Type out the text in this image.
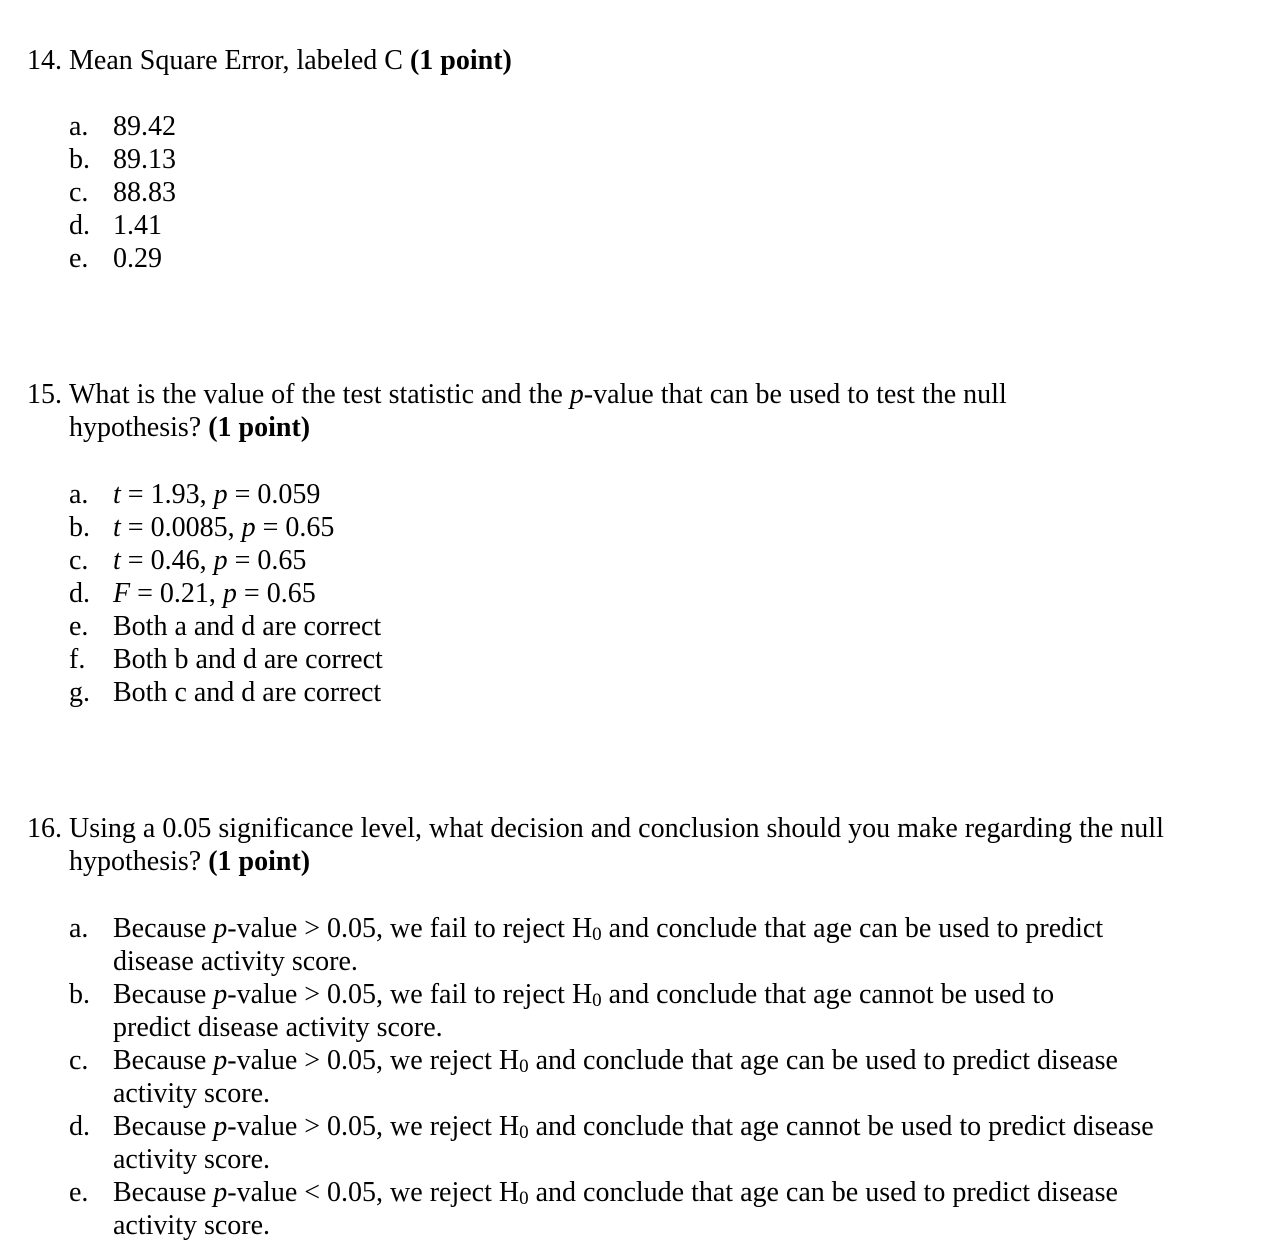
14. Mean Square Error, labeled C (1 point)
a. 89.42
b. 89.13
c. 88.83
d. 1.41
e. 0.29
15. What is the value of the test statistic and the p-value that can be used to test the null hypothesis? (1 point)
a. t = 1.93, p = 0.059
b. t = 0.0085, p = 0.65
c. t = 0.46, p = 0.65
d. F = 0.21, p = 0.65
e. Both a and d are correct
f. Both b and d are correct
g. Both c and d are correct
16. Using a 0.05 significance level, what decision and conclusion should you make regarding the null hypothesis? (1 point)
a. Because p-value > 0.05, we fail to reject $H_0$ and conclude that age can be used to predict disease activity score.
b. Because p-value > 0.05, we fail to reject $H_0$ and conclude that age cannot be used to predict disease activity score.
c. Because p-value > 0.05, we reject $H_0$ and conclude that age can be used to predict disease activity score.
d. Because p-value > 0.05, we reject $H_0$ and conclude that age cannot be used to predict disease activity score.
e. Because p-value < 0.05, we reject $H_0$ and conclude that age can be used to predict disease activity score.
